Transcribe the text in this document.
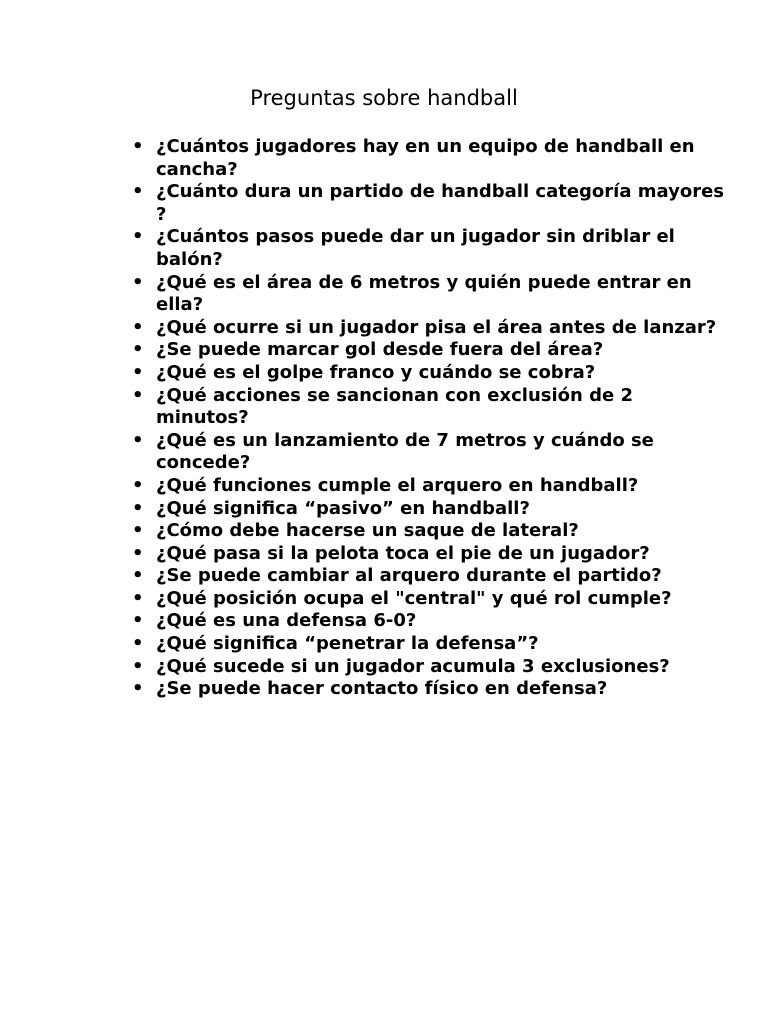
Preguntas sobre handball
• ¿Cuántos jugadores hay en un equipo de handball en cancha?
• ¿Cuánto dura un partido de handball categoría mayores ?
• ¿Cuántos pasos puede dar un jugador sin driblar el balón?
• ¿Qué es el área de 6 metros y quién puede entrar en ella?
• ¿Qué ocurre si un jugador pisa el área antes de lanzar?
• ¿Se puede marcar gol desde fuera del área?
• ¿Qué es el golpe franco y cuándo se cobra?
• ¿Qué acciones se sancionan con exclusión de 2 minutos?
• ¿Qué es un lanzamiento de 7 metros y cuándo se concede?
• ¿Qué funciones cumple el arquero en handball?
• ¿Qué significa “pasivo” en handball?
• ¿Cómo debe hacerse un saque de lateral?
• ¿Qué pasa si la pelota toca el pie de un jugador?
• ¿Se puede cambiar al arquero durante el partido?
• ¿Qué posición ocupa el "central" y qué rol cumple?
• ¿Qué es una defensa 6-0?
• ¿Qué significa “penetrar la defensa”?
• ¿Qué sucede si un jugador acumula 3 exclusiones?
• ¿Se puede hacer contacto físico en defensa?
